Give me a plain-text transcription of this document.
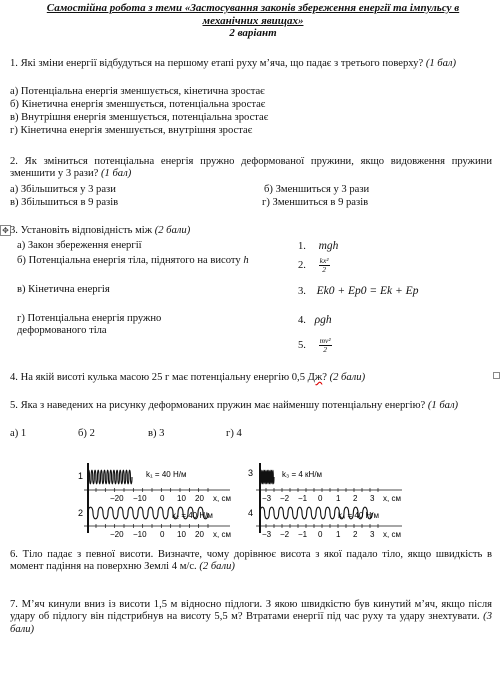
Самостійна робота з теми «Застосування законів збереження енергії та імпульсу в
механічних явищах»
2 варіант
1. Які зміни енергії відбудуться на першому етапі руху м’яча, що падає з третього поверху? (1 бал)
а) Потенціальна енергія зменшується, кінетична зростає
б) Кінетична енергія зменшується, потенціальна зростає
в) Внутрішня енергія зменшується, потенціальна зростає
г) Кінетична енергія зменшується, внутрішня зростає
2. Як зміниться потенціальна енергія пружно деформованої пружини, якщо видовження пружини зменшити у 3 рази? (1 бал)
а) Збільшиться у 3 рази	б) Зменшиться у 3 рази
в) Збільшиться в 9 разів	г) Зменшиться в 9 разів
✥ 3. Установіть відповідність між (2 бали)
а) Закон збереження енергії
б) Потенціальна енергія тіла, піднятого на висоту h
в) Кінетична енергія
г) Потенціальна енергія пружно деформованого тіла
1. mgh
2. $\frac{\text{kx²}}{2}$
3. Ek0 + Ep0 = Ek + Ep
4. ρgh
5. $\frac{\text{mv²}}{2}$
4. На якій висоті кулька масою 25 г має потенціальну енергію 0,5 Дж? (2 бали)
5. Яка з наведених на рисунку деформованих пружин має найменшу потенціальну енергію? (1 бал)
а) 1	б) 2	в) 3	г) 4
1	k₁ = 40 Н/м
−20 −10 0 10 20 x, см
2	k₂ = 40 Н/м
−20 −10 0 10 20 x, см
3	k₃ = 4 кН/м
−3 −2 −1 0 1 2 3 x, см
4	k₄ = 40 Н/м
−3 −2 −1 0 1 2 3 x, см
6. Тіло падає з певної висоти. Визначте, чому дорівнює висота з якої падало тіло, якщо швидкість в момент падіння на поверхню Землі 4 м/с. (2 бали)
7. М’яч кинули вниз із висоти 1,5 м відносно підлоги. З якою швидкістю був кинутий м’яч, якщо після удару об підлогу він підстрибнув на висоту 5,5 м? Втратами енергії під час руху та удару знехтувати. (3 бали)
